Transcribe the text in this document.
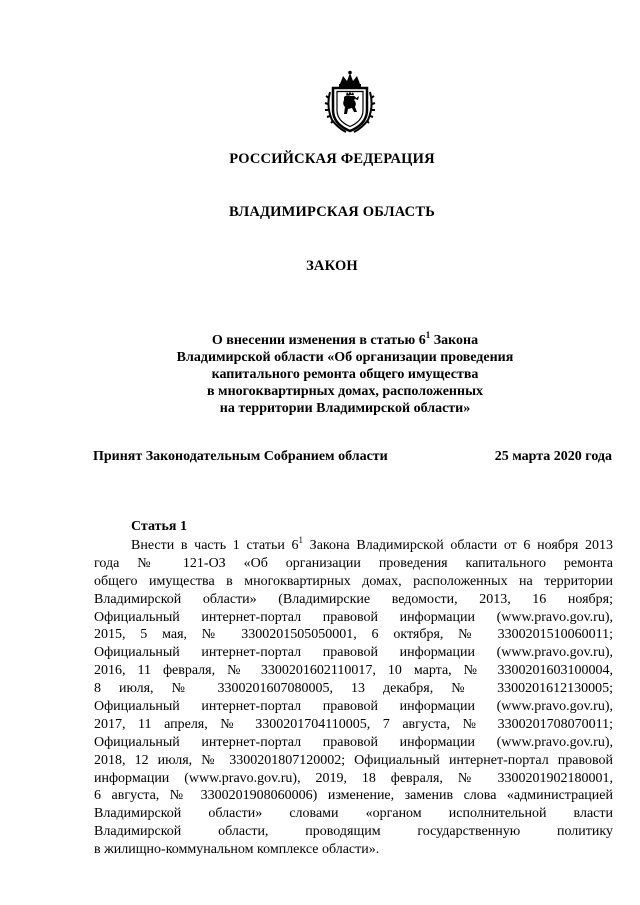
РОССИЙСКАЯ ФЕДЕРАЦИЯ
ВЛАДИМИРСКАЯ ОБЛАСТЬ
ЗАКОН
О внесении изменения в статью $6^1$ Закона
Владимирской области «Об организации проведения
капитального ремонта общего имущества
в многоквартирных домах, расположенных
на территории Владимирской области»
Принят Законодательным Собранием области	25 марта 2020 года
Статья 1
Внести в часть 1 статьи $6^1$ Закона Владимирской области от 6 ноября 2013
года № 121-ОЗ «Об организации проведения капитального ремонта
общего имущества в многоквартирных домах, расположенных на территории
Владимирской области» (Владимирские ведомости, 2013, 16 ноября;
Официальный интернет-портал правовой информации (www.pravo.gov.ru),
2015, 5 мая, № 3300201505050001, 6 октября, № 3300201510060011;
Официальный интернет-портал правовой информации (www.pravo.gov.ru),
2016, 11 февраля, № 3300201602110017, 10 марта, № 3300201603100004,
8 июля, № 3300201607080005, 13 декабря, № 3300201612130005;
Официальный интернет-портал правовой информации (www.pravo.gov.ru),
2017, 11 апреля, № 3300201704110005, 7 августа, № 3300201708070011;
Официальный интернет-портал правовой информации (www.pravo.gov.ru),
2018, 12 июля, № 3300201807120002; Официальный интернет-портал правовой
информации (www.pravo.gov.ru), 2019, 18 февраля, № 3300201902180001,
6 августа, № 3300201908060006) изменение, заменив слова «администрацией
Владимирской области» словами «органом исполнительной власти
Владимирской области, проводящим государственную политику
в жилищно-коммунальном комплексе области».
